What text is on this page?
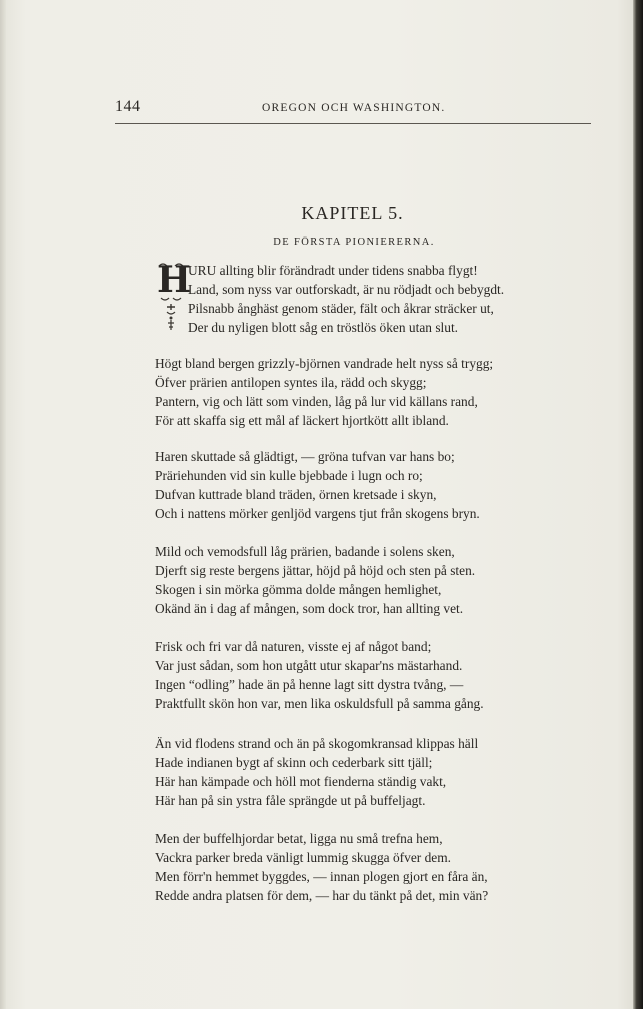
144	OREGON OCH WASHINGTON.
KAPITEL 5.
DE FÖRSTA PIONIERERNA.
H
URU allting blir förändradt under tidens snabba flygt!
Land, som nyss var outforskadt, är nu rödjadt och bebygdt.
Pilsnabb ånghäst genom städer, fält och åkrar sträcker ut,
Der du nyligen blott såg en tröstlös öken utan slut.
Högt bland bergen grizzly-björnen vandrade helt nyss så trygg;
Öfver prärien antilopen syntes ila, rädd och skygg;
Pantern, vig och lätt som vinden, låg på lur vid källans rand,
För att skaffa sig ett mål af läckert hjortkött allt ibland.
Haren skuttade så glädtigt, — gröna tufvan var hans bo;
Präriehunden vid sin kulle bjebbade i lugn och ro;
Dufvan kuttrade bland träden, örnen kretsade i skyn,
Och i nattens mörker genljöd vargens tjut från skogens bryn.
Mild och vemodsfull låg prärien, badande i solens sken,
Djerft sig reste bergens jättar, höjd på höjd och sten på sten.
Skogen i sin mörka gömma dolde mången hemlighet,
Okänd än i dag af mången, som dock tror, han allting vet.
Frisk och fri var då naturen, visste ej af något band;
Var just sådan, som hon utgått utur skapar'ns mästarhand.
Ingen “odling” hade än på henne lagt sitt dystra tvång, —
Praktfullt skön hon var, men lika oskuldsfull på samma gång.
Än vid flodens strand och än på skogomkransad klippas häll
Hade indianen bygt af skinn och cederbark sitt tjäll;
Här han kämpade och höll mot fienderna ständig vakt,
Här han på sin ystra fåle sprängde ut på buffeljagt.
Men der buffelhjordar betat, ligga nu små trefna hem,
Vackra parker breda vänligt lummig skugga öfver dem.
Men förr'n hemmet byggdes, — innan plogen gjort en fåra än,
Redde andra platsen för dem, — har du tänkt på det, min vän?
